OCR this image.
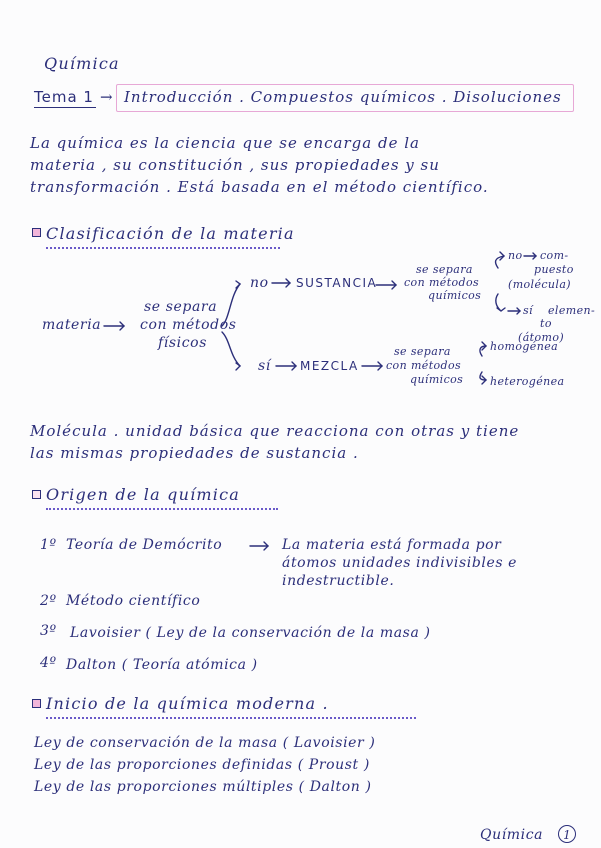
Química
Tema 1 → Introducción . Compuestos químicos . Disoluciones
La química es la ciencia que se encarga de la
materia , su constitución , sus propiedades y su
transformación . Está basada en el método científico.
Clasificación de la materia
materia
se separa
con métodos
físicos
no SUSTANCIA
se separa
con métodos
químicos
no com-
puesto
(molécula)
sí elemen-
to
(átomo)
sí MEZCLA
se separa
con métodos
químicos
homogénea
heterogénea
Molécula . unidad básica que reacciona con otras y tiene
las mismas propiedades de sustancia .
Origen de la química
1º Teoría de Demócrito	La materia está formada por
átomos unidades indivisibles e
indestructible.
2º Método científico
3º Lavoisier ( Ley de la conservación de la masa )
4º Dalton ( Teoría atómica )
Inicio de la química moderna .
Ley de conservación de la masa ( Lavoisier )
Ley de las proporciones definidas ( Proust )
Ley de las proporciones múltiples ( Dalton )
Química	1
